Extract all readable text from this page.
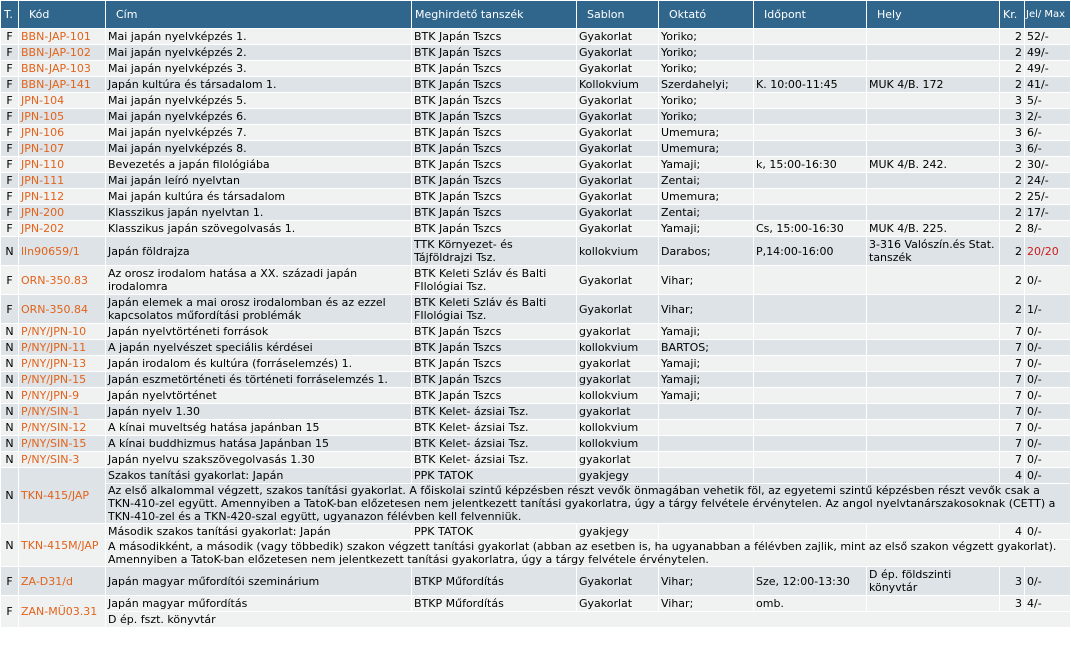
T.	Kód	Cím	Meghirdető tanszék	Sablon	Oktató	Időpont	Hely	Kr.	Jel/ Max
F	BBN-JAP-101	Mai japán nyelvképzés 1.	BTK Japán Tszcs	Gyakorlat	Yoriko;			2	52/-
F	BBN-JAP-102	Mai japán nyelvképzés 2.	BTK Japán Tszcs	Gyakorlat	Yoriko;			2	49/-
F	BBN-JAP-103	Mai japán nyelvképzés 3.	BTK Japán Tszcs	Gyakorlat	Yoriko;			2	49/-
F	BBN-JAP-141	Japán kultúra és társadalom 1.	BTK Japán Tszcs	Kollokvium	Szerdahelyi;	K. 10:00-11:45	MUK 4/B. 172	2	41/-
F	JPN-104	Mai japán nyelvképzés 5.	BTK Japán Tszcs	Gyakorlat	Yoriko;			3	5/-
F	JPN-105	Mai japán nyelvképzés 6.	BTK Japán Tszcs	Gyakorlat	Yoriko;			3	2/-
F	JPN-106	Mai japán nyelvképzés 7.	BTK Japán Tszcs	Gyakorlat	Umemura;			3	6/-
F	JPN-107	Mai japán nyelvképzés 8.	BTK Japán Tszcs	Gyakorlat	Umemura;			3	6/-
F	JPN-110	Bevezetés a japán filológiába	BTK Japán Tszcs	Gyakorlat	Yamaji;	k, 15:00-16:30	MUK 4/B. 242.	2	30/-
F	JPN-111	Mai japán leíró nyelvtan	BTK Japán Tszcs	Gyakorlat	Zentai;			2	24/-
F	JPN-112	Mai japán kultúra és társadalom	BTK Japán Tszcs	Gyakorlat	Umemura;			2	25/-
F	JPN-200	Klasszikus japán nyelvtan 1.	BTK Japán Tszcs	Gyakorlat	Zentai;			2	17/-
F	JPN-202	Klasszikus japán szövegolvasás 1.	BTK Japán Tszcs	Gyakorlat	Yamaji;	Cs, 15:00-16:30	MUK 4/B. 225.	2	8/-
N	lln90659/1	Japán földrajza	TTK Környezet- és Tájföldrajzi Tsz.	kollokvium	Darabos;	P,14:00-16:00	3-316 Valószín.és Stat. tanszék	2	20/20
F	ORN-350.83	Az orosz irodalom hatása a XX. századi japán irodalomra	BTK Keleti Szláv és Balti FIlológiai Tsz.	Gyakorlat	Vihar;			2	0/-
F	ORN-350.84	Japán elemek a mai orosz irodalomban és az ezzel kapcsolatos műfordítási problémák	BTK Keleti Szláv és Balti FIlológiai Tsz.	Gyakorlat	Vihar;			2	1/-
N	P/NY/JPN-10	Japán nyelvtörténeti források	BTK Japán Tszcs	gyakorlat	Yamaji;			7	0/-
N	P/NY/JPN-11	A japán nyelvészet speciális kérdései	BTK Japán Tszcs	kollokvium	BARTOS;			7	0/-
N	P/NY/JPN-13	Japán irodalom és kultúra (forráselemzés) 1.	BTK Japán Tszcs	gyakorlat	Yamaji;			7	0/-
N	P/NY/JPN-15	Japán eszmetörténeti és történeti forráselemzés 1.	BTK Japán Tszcs	gyakorlat	Yamaji;			7	0/-
N	P/NY/JPN-9	Japán nyelvtörténet	BTK Japán Tszcs	kollokvium	Yamaji;			7	0/-
N	P/NY/SIN-1	Japán nyelv 1.30	BTK Kelet- ázsiai Tsz.	gyakorlat				7	0/-
N	P/NY/SIN-12	A kínai muveltség hatása japánban 15	BTK Kelet- ázsiai Tsz.	kollokvium				7	0/-
N	P/NY/SIN-15	A kínai buddhizmus hatása Japánban 15	BTK Kelet- ázsiai Tsz.	kollokvium				7	0/-
N	P/NY/SIN-3	Japán nyelvu szakszövegolvasás 1.30	BTK Kelet- ázsiai Tsz.	gyakorlat				7	0/-
N	TKN-415/JAP	Szakos tanítási gyakorlat: Japán	PPK TATOK	gyakjegy				4	0/-
		Az első alkalommal végzett, szakos tanítási gyakorlat. A főiskolai szintű képzésben részt vevők önmagában vehetik föl, az egyetemi szintű képzésben részt vevők csak a TKN-410-zel együtt. Amennyiben a TatoK-ban előzetesen nem jelentkezett tanítási gyakorlatra, úgy a tárgy felvétele érvénytelen. Az angol nyelvtanárszakosoknak (CETT) a TKN-410-zel és a TKN-420-szal együtt, ugyanazon félévben kell felvenniük.							
N	TKN-415M/JAP	Második szakos tanítási gyakorlat: Japán	PPK TATOK	gyakjegy				4	0/-
		A másodikként, a második (vagy többedik) szakon végzett tanítási gyakorlat (abban az esetben is, ha ugyanabban a félévben zajlik, mint az első szakon végzett gyakorlat). Amennyiben a TatoK-ban előzetesen nem jelentkezett tanítási gyakorlatra, úgy a tárgy felvétele érvénytelen.							
F	ZA-D31/d	Japán magyar műfordítói szeminárium	BTKP Műfordítás	Gyakorlat	Vihar;	Sze, 12:00-13:30	D ép. földszinti könyvtár	3	0/-
F	ZAN-MÜ03.31	Japán magyar műfordítás	BTKP Műfordítás	Gyakorlat	Vihar;	omb.		3	4/-
		D ép. fszt. könyvtár							
